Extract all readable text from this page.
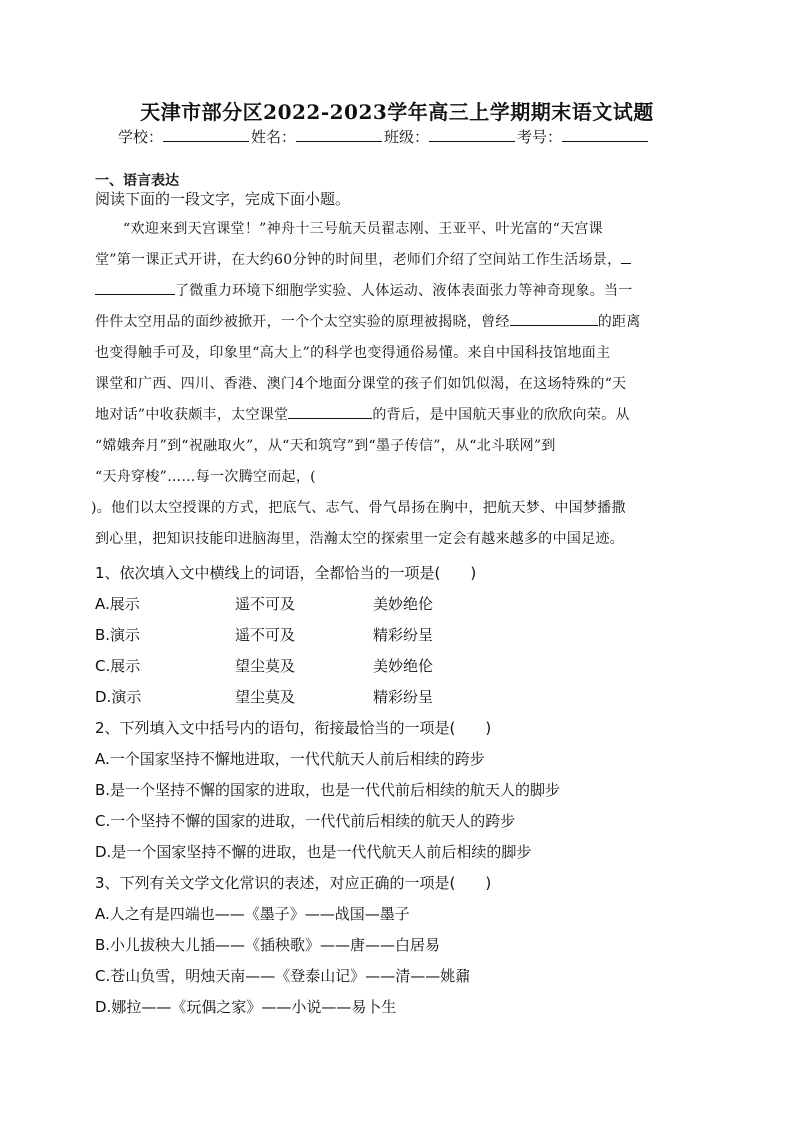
天津市部分区2022-2023学年高三上学期期末语文试题
学校：	姓名：	班级：	考号：
一、语言表达
阅读下面的一段文字，完成下面小题。
“欢迎来到天宫课堂！”神舟十三号航天员翟志刚、王亚平、叶光富的“天宫课
堂”第一课正式开讲，在大约60分钟的时间里，老师们介绍了空间站工作生活场景，
了微重力环境下细胞学实验、人体运动、液体表面张力等神奇现象。当一
件件太空用品的面纱被掀开，一个个太空实验的原理被揭晓，曾经	的距离
也变得触手可及，印象里“高大上”的科学也变得通俗易懂。来自中国科技馆地面主
课堂和广西、四川、香港、澳门4个地面分课堂的孩子们如饥似渴，在这场特殊的“天
地对话”中收获颇丰，太空课堂	的背后，是中国航天事业的欣欣向荣。从
“嫦娥奔月”到“祝融取火”，从“天和筑穹”到“墨子传信”，从“北斗联网”到
“天舟穿梭”……每一次腾空而起，(
)。他们以太空授课的方式，把底气、志气、骨气昂扬在胸中，把航天梦、中国梦播撒
到心里，把知识技能印进脑海里，浩瀚太空的探索里一定会有越来越多的中国足迹。
1、依次填入文中横线上的词语，全都恰当的一项是(　　)
A.展示	遥不可及	美妙绝伦
B.演示	遥不可及	精彩纷呈
C.展示	望尘莫及	美妙绝伦
D.演示	望尘莫及	精彩纷呈
2、下列填入文中括号内的语句，衔接最恰当的一项是(　　)
A.一个国家坚持不懈地进取，一代代航天人前后相续的跨步
B.是一个坚持不懈的国家的进取，也是一代代前后相续的航天人的脚步
C.一个坚持不懈的国家的进取，一代代前后相续的航天人的跨步
D.是一个国家坚持不懈的进取，也是一代代航天人前后相续的脚步
3、下列有关文学文化常识的表述，对应正确的一项是(　　)
A.人之有是四端也——《墨子》——战国—墨子
B.小儿拔秧大儿插——《插秧歌》——唐——白居易
C.苍山负雪，明烛天南——《登泰山记》——清——姚鼐
D.娜拉——《玩偶之家》——小说——易卜生
